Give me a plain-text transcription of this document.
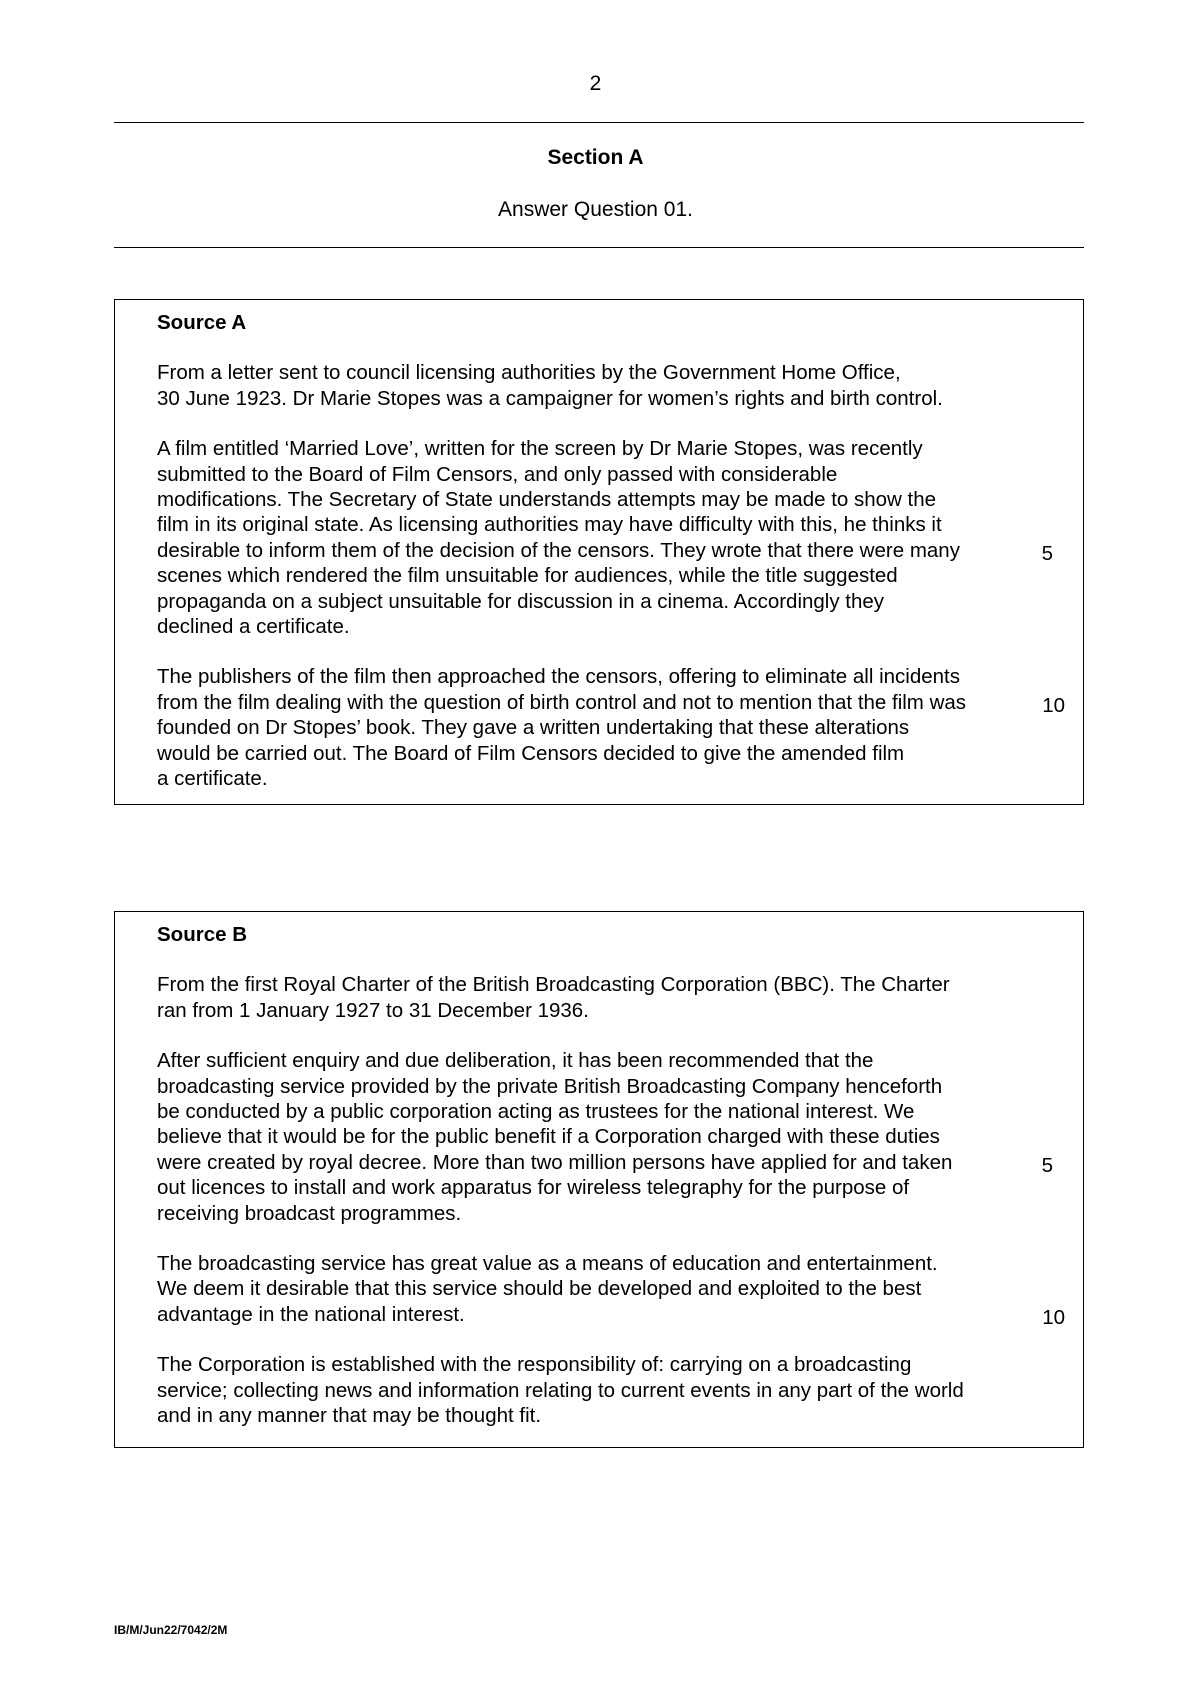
2
Section A
Answer Question 01.
Source A
From a letter sent to council licensing authorities by the Government Home Office,
30 June 1923. Dr Marie Stopes was a campaigner for women’s rights and birth control.
A film entitled ‘Married Love’, written for the screen by Dr Marie Stopes, was recently
submitted to the Board of Film Censors, and only passed with considerable
modifications. The Secretary of State understands attempts may be made to show the
film in its original state. As licensing authorities may have difficulty with this, he thinks it
desirable to inform them of the decision of the censors. They wrote that there were many
scenes which rendered the film unsuitable for audiences, while the title suggested
propaganda on a subject unsuitable for discussion in a cinema. Accordingly they
declined a certificate.
The publishers of the film then approached the censors, offering to eliminate all incidents
from the film dealing with the question of birth control and not to mention that the film was
founded on Dr Stopes’ book. They gave a written undertaking that these alterations
would be carried out. The Board of Film Censors decided to give the amended film
a certificate.
5
10
Source B
From the first Royal Charter of the British Broadcasting Corporation (BBC). The Charter
ran from 1 January 1927 to 31 December 1936.
After sufficient enquiry and due deliberation, it has been recommended that the
broadcasting service provided by the private British Broadcasting Company henceforth
be conducted by a public corporation acting as trustees for the national interest. We
believe that it would be for the public benefit if a Corporation charged with these duties
were created by royal decree. More than two million persons have applied for and taken
out licences to install and work apparatus for wireless telegraphy for the purpose of
receiving broadcast programmes.
The broadcasting service has great value as a means of education and entertainment.
We deem it desirable that this service should be developed and exploited to the best
advantage in the national interest.
The Corporation is established with the responsibility of: carrying on a broadcasting
service; collecting news and information relating to current events in any part of the world
and in any manner that may be thought fit.
5
10
IB/M/Jun22/7042/2M
